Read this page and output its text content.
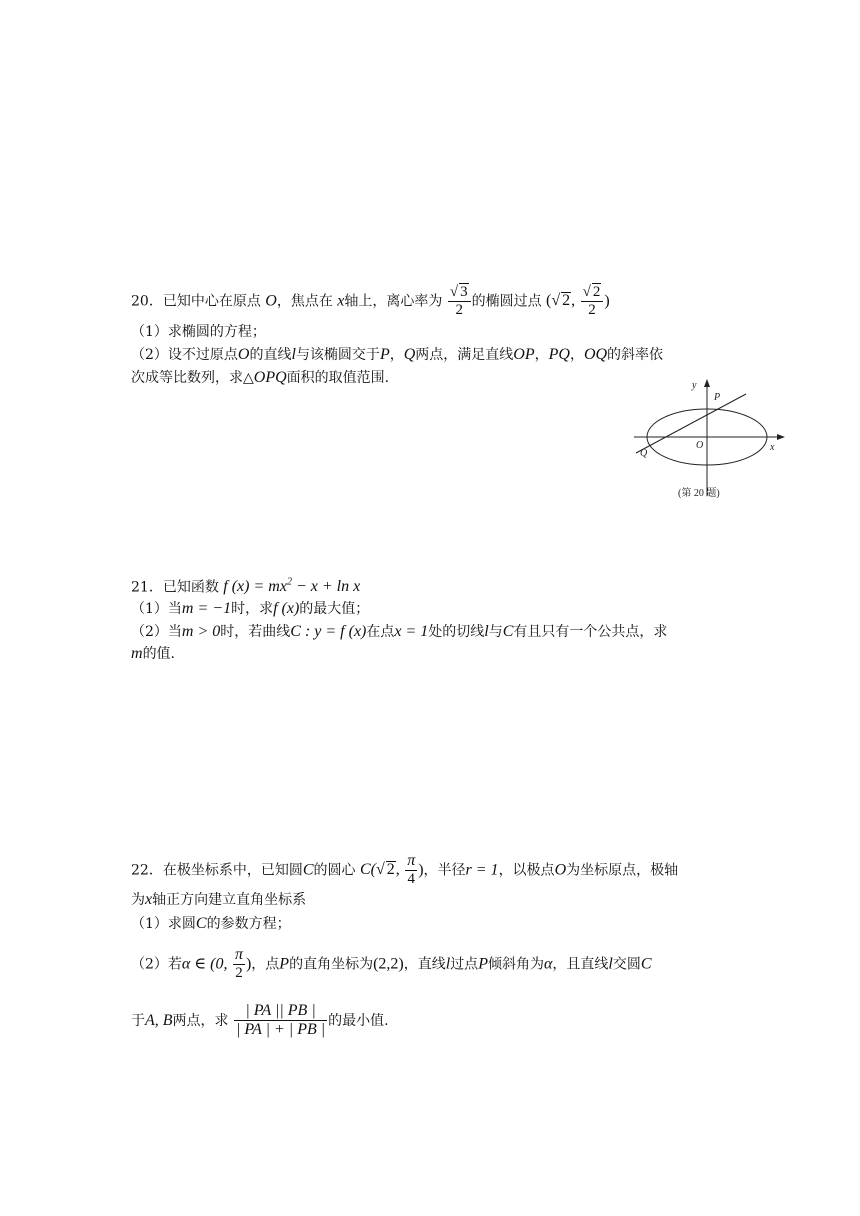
20．已知中心在原点 O，焦点在 x轴上，离心率为 $\frac{√ 3}{2}$ 的椭圆过点 (√ 2, $\frac{√ 2}{2}$ )
（1）求椭圆的方程；
（2）设不过原点O的直线l与该椭圆交于P，Q两点，满足直线OP，PQ，OQ的斜率依
次成等比数列，求△OPQ面积的取值范围.	y
x
P
O
Q
(第 20 题)
21．已知函数 f $(x) = mx^2 - x + \ln x$
（1）当m = −1时，求f (x)的最大值；
（2）当m > 0时，若曲线C : y = f (x)在点x = 1处的切线l与C有且只有一个公共点，求
m的值.
22．在极坐标系中，已知圆C的圆心 C(√ 2, $\frac{\pi}{4}$ )，半径r = 1，以极点O为坐标原点，极轴
为x轴正方向建立直角坐标系
（1）求圆C的参数方程；
（2）若α ∈ (0, $\frac{\pi}{2}$ )，点P的直角坐标为(2,2)，直线l过点P倾斜角为α，且直线l交圆C
于A, B两点，求 $\frac{| PA || PB |}{| PA | + | PB |}$ 的最小值.
